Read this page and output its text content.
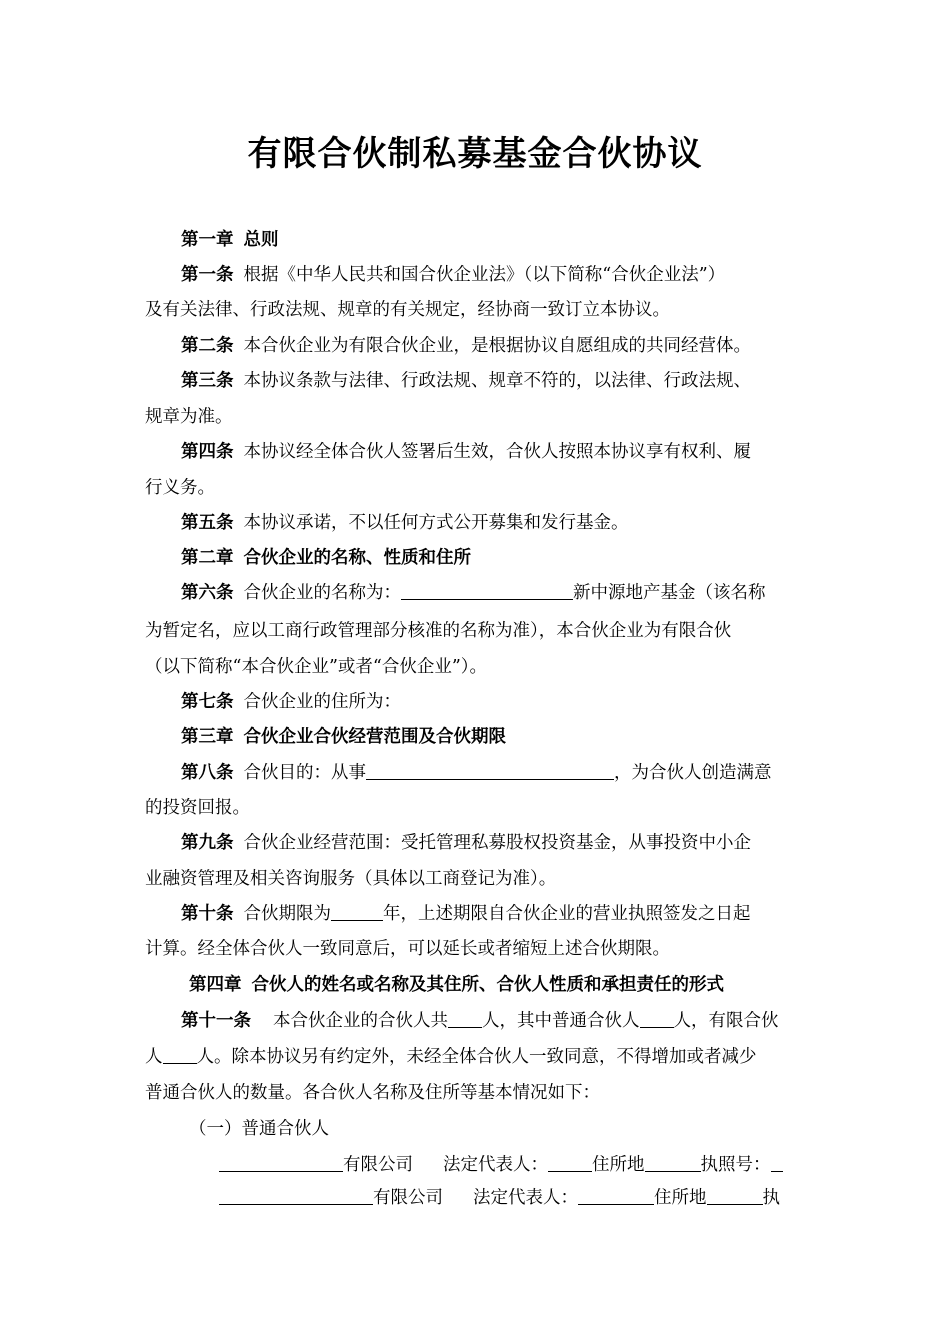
有限合伙制私募基金合伙协议
第一章 总则
第一条 根据《中华人民共和国合伙企业法》（以下简称“合伙企业法”）
及有关法律、行政法规、规章的有关规定，经协商一致订立本协议。
第二条 本合伙企业为有限合伙企业，是根据协议自愿组成的共同经营体。
第三条 本协议条款与法律、行政法规、规章不符的，以法律、行政法规、
规章为准。
第四条 本协议经全体合伙人签署后生效，合伙人按照本协议享有权利、履
行义务。
第五条 本协议承诺，不以任何方式公开募集和发行基金。
第二章 合伙企业的名称、性质和住所
第六条 合伙企业的名称为：	新中源地产基金（该名称
为暂定名，应以工商行政管理部分核准的名称为准），本合伙企业为有限合伙
（以下简称“本合伙企业”或者“合伙企业”）。
第七条 合伙企业的住所为：
第三章 合伙企业合伙经营范围及合伙期限
第八条 合伙目的：从事	，为合伙人创造满意
的投资回报。
第九条 合伙企业经营范围：受托管理私募股权投资基金，从事投资中小企
业融资管理及相关咨询服务（具体以工商登记为准）。
第十条 合伙期限为	年，上述期限自合伙企业的营业执照签发之日起
计算。经全体合伙人一致同意后，可以延长或者缩短上述合伙期限。
第四章 合伙人的姓名或名称及其住所、合伙人性质和承担责任的形式
第十一条 本合伙企业的合伙人共 人，其中普通合伙人 人，有限合伙
人 人。除本协议另有约定外，未经全体合伙人一致同意，不得增加或者减少
普通合伙人的数量。各合伙人名称及住所等基本情况如下：
（一）普通合伙人
有限公司 法定代表人：	住所地	执照号：
有限公司 法定代表人：	住所地	执
